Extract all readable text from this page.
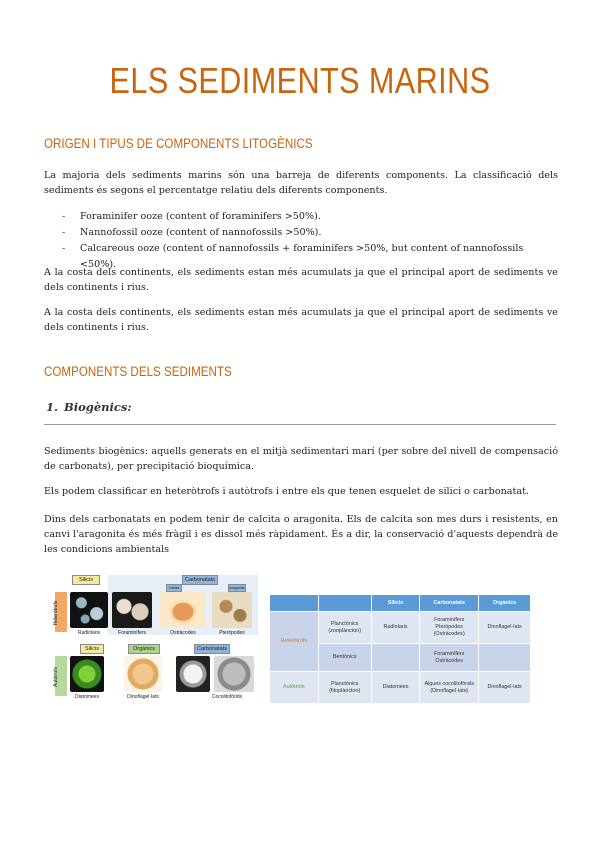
ELS SEDIMENTS MARINS
ORIGEN I TIPUS DE COMPONENTS LITOGÈNICS
La majoria dels sediments marins són una barreja de diferents components. La classificació dels sediments és segons el percentatge relatiu dels diferents components.
- Foraminifer ooze (content of foraminifers >50%).
- Nannofossil ooze (content of nannofossils >50%).
- Calcareous ooze (content of nannofossils + foraminifers >50%, but content of nannofossils <50%).
A la costa dels continents, els sediments estan més acumulats ja que el principal aport de sediments ve dels continents i rius.
A la costa dels continents, els sediments estan més acumulats ja que el principal aport de sediments ve dels continents i rius.
COMPONENTS DELS SEDIMENTS
1. Biogènics:
Sediments biogènics: aquells generats en el mitjà sedimentari marí (per sobre del nivell de compensació de carbonats), per precipitació bioquímica.
Els podem classificar en heteròtrofs i autòtrofs i entre els que tenen esquelet de silici o carbonatat.
Dins dels carbonatats en podem tenir de calcita o aragonita. Els de calcita son mes durs i resistents, en canvi l'aragonita és més fràgil i es dissol més ràpidament. És a dir, la conservació d'aquests dependrà de les condicions ambientals
Heteròtrofs
Autòtrofs
Silicis	Carbonatats
Calcita	Aragonita
Radiolaris	Foraminífers	Ostràcodes	Pteròpodes
Silicis	Orgànics	Carbonatats
Diatomees	Dinoflagel·lats	Cocolitofòrids
		Silicis	Carbonatats	Orgànics
Heteròtrofs	Planctònics (zooplàncton)	Radiolaris	Foraminífers Pteròpodes (Ostràcodes)	Dinoflagel·lats
	Bentònics		Foraminífers Ostràcodes	
Autòtrofs	Planctònics (fitoplàncton)	Diatomees	Algues cocolitofòrals (Dinoflagel·lats)	Dinoflagel·lats
